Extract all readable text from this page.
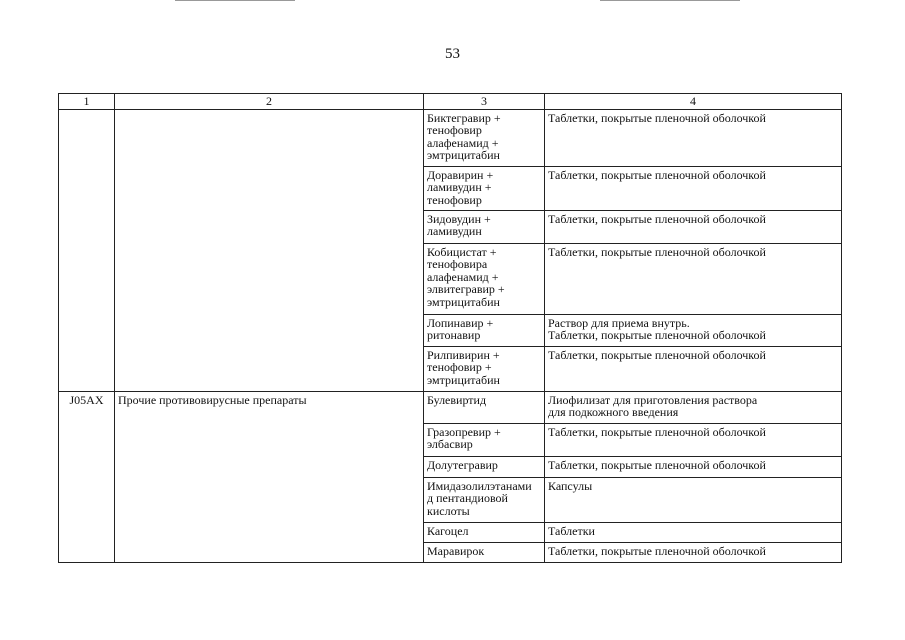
53
1	2	3	4

		Биктегравир +
тенофовир
алафенамид +
эмтрицитабин	Таблетки, покрытые пленочной оболочкой

		Доравирин +
ламивудин +
тенофовир	Таблетки, покрытые пленочной оболочкой

		Зидовудин +
ламивудин	Таблетки, покрытые пленочной оболочкой

		Кобицистат +
тенофовира
алафенамид +
элвитегравир +
эмтрицитабин	Таблетки, покрытые пленочной оболочкой

		Лопинавир +
ритонавир	Раствор для приема внутрь.
Таблетки, покрытые пленочной оболочкой

		Рилпивирин +
тенофовир +
эмтрицитабин	Таблетки, покрытые пленочной оболочкой

J05AX	Прочие противовирусные препараты	Булевиртид	Лиофилизат для приготовления раствора
для подкожного введения

		Гразопревир +
элбасвир	Таблетки, покрытые пленочной оболочкой

		Долутегравир	Таблетки, покрытые пленочной оболочкой

		Имидазолилэтанами
д пентандиовой
кислоты	Капсулы

		Кагоцел	Таблетки

		Маравирок	Таблетки, покрытые пленочной оболочкой
